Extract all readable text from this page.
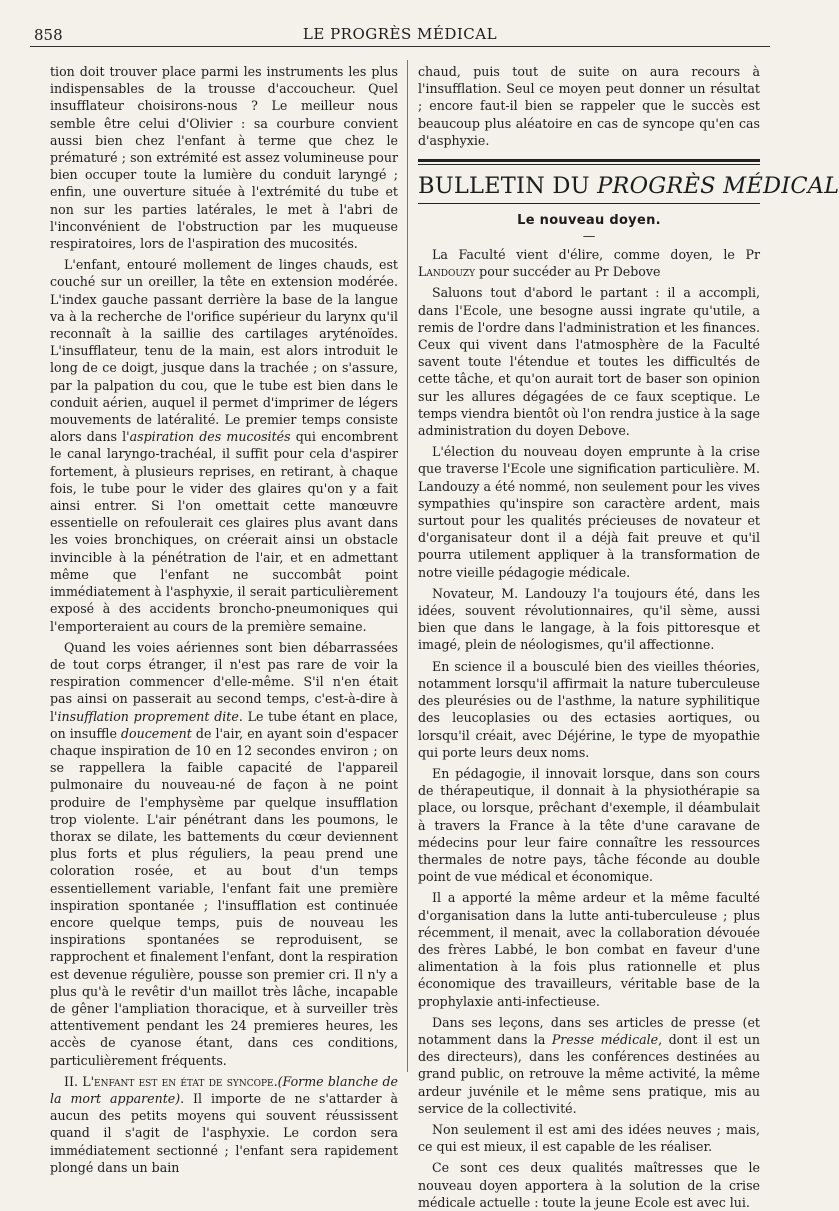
858	LE PROGRÈS MÉDICAL

tion doit trouver place parmi les instruments les plus indispensables de la trousse d'accoucheur. Quel insufflateur choisirons-nous ? Le meilleur nous semble être celui d'Olivier : sa courbure convient aussi bien chez l'enfant à terme que chez le prématuré ; son extrémité est assez volumineuse pour bien occuper toute la lumière du conduit laryngé ; enfin, une ouverture située à l'extrémité du tube et non sur les parties latérales, le met à l'abri de l'inconvénient de l'obstruction par les muqueuse respiratoires, lors de l'aspiration des mucosités.

L'enfant, entouré mollement de linges chauds, est couché sur un oreiller, la tête en extension modérée. L'index gauche passant derrière la base de la langue va à la recherche de l'orifice supérieur du larynx qu'il reconnaît à la saillie des cartilages aryténoïdes. L'insufflateur, tenu de la main, est alors introduit le long de ce doigt, jusque dans la trachée ; on s'assure, par la palpation du cou, que le tube est bien dans le conduit aérien, auquel il permet d'imprimer de légers mouvements de latéralité. Le premier temps consiste alors dans l'aspiration des mucosités qui encombrent le canal laryngo-trachéal, il suffit pour cela d'aspirer fortement, à plusieurs reprises, en retirant, à chaque fois, le tube pour le vider des glaires qu'on y a fait ainsi entrer. Si l'on omettait cette manœuvre essentielle on refoulerait ces glaires plus avant dans les voies bronchiques, on créerait ainsi un obstacle invincible à la pénétration de l'air, et en admettant même que l'enfant ne succombât point immédiatement à l'asphyxie, il serait particulièrement exposé à des accidents broncho-pneumoniques qui l'emporteraient au cours de la première semaine.

Quand les voies aériennes sont bien débarrassées de tout corps étranger, il n'est pas rare de voir la respiration commencer d'elle-même. S'il n'en était pas ainsi on passerait au second temps, c'est-à-dire à l'insufflation proprement dite. Le tube étant en place, on insuffle doucement de l'air, en ayant soin d'espacer chaque inspiration de 10 en 12 secondes environ ; on se rappellera la faible capacité de l'appareil pulmonaire du nouveau-né de façon à ne point produire de l'emphysème par quelque insufflation trop violente. L'air pénétrant dans les poumons, le thorax se dilate, les battements du cœur deviennent plus forts et plus réguliers, la peau prend une coloration rosée, et au bout d'un temps essentiellement variable, l'enfant fait une première inspiration spontanée ; l'insufflation est continuée encore quelque temps, puis de nouveau les inspirations spontanées se reproduisent, se rapprochent et finalement l'enfant, dont la respiration est devenue régulière, pousse son premier cri. Il n'y a plus qu'à le revêtir d'un maillot très lâche, incapable de gêner l'ampliation thoracique, et à surveiller très attentivement pendant les 24 premieres heures, les accès de cyanose étant, dans ces conditions, particulièrement fréquents.

II. L'enfant est en état de syncope.(Forme blanche de la mort apparente). Il importe de ne s'attarder à aucun des petits moyens qui souvent réussissent quand il s'agit de l'asphyxie. Le cordon sera immédiatement sectionné ; l'enfant sera rapidement plongé dans un bain

chaud, puis tout de suite on aura recours à l'insufflation. Seul ce moyen peut donner un résultat ; encore faut-il bien se rappeler que le succès est beaucoup plus aléatoire en cas de syncope qu'en cas d'asphyxie.

BULLETIN DU PROGRÈS MÉDICAL
Le nouveau doyen.
—

La Faculté vient d'élire, comme doyen, le Pr Landouzy pour succéder au Pr Debove

Saluons tout d'abord le partant : il a accompli, dans l'Ecole, une besogne aussi ingrate qu'utile, a remis de l'ordre dans l'administration et les finances. Ceux qui vivent dans l'atmosphère de la Faculté savent toute l'étendue et toutes les difficultés de cette tâche, et qu'on aurait tort de baser son opinion sur les allures dégagées de ce faux sceptique. Le temps viendra bientôt où l'on rendra justice à la sage administration du doyen Debove.

L'élection du nouveau doyen emprunte à la crise que traverse l'Ecole une signification particulière. M. Landouzy a été nommé, non seulement pour les vives sympathies qu'inspire son caractère ardent, mais surtout pour les qualités précieuses de novateur et d'organisateur dont il a déjà fait preuve et qu'il pourra utilement appliquer à la transformation de notre vieille pédagogie médicale.

Novateur, M. Landouzy l'a toujours été, dans les idées, souvent révolutionnaires, qu'il sème, aussi bien que dans le langage, à la fois pittoresque et imagé, plein de néologismes, qu'il affectionne.

En science il a bousculé bien des vieilles théories, notamment lorsqu'il affirmait la nature tuberculeuse des pleurésies ou de l'asthme, la nature syphilitique des leucoplasies ou des ectasies aortiques, ou lorsqu'il créait, avec Déjérine, le type de myopathie qui porte leurs deux noms.

En pédagogie, il innovait lorsque, dans son cours de thérapeutique, il donnait à la physiothérapie sa place, ou lorsque, prêchant d'exemple, il déambulait à travers la France à la tête d'une caravane de médecins pour leur faire connaître les ressources thermales de notre pays, tâche féconde au double point de vue médical et économique.

Il a apporté la même ardeur et la même faculté d'organisation dans la lutte anti-tuberculeuse ; plus récemment, il menait, avec la collaboration dévouée des frères Labbé, le bon combat en faveur d'une alimentation à la fois plus rationnelle et plus économique des travailleurs, véritable base de la prophylaxie anti-infectieuse.

Dans ses leçons, dans ses articles de presse (et notamment dans la Presse médicale, dont il est un des directeurs), dans les conférences destinées au grand public, on retrouve la même activité, la même ardeur juvénile et le même sens pratique, mis au service de la collectivité.

Non seulement il est ami des idées neuves ; mais, ce qui est mieux, il est capable de les réaliser.

Ce sont ces deux qualités maîtresses que le nouveau doyen apportera à la solution de la crise médicale actuelle : toute la jeune Ecole est avec lui.
